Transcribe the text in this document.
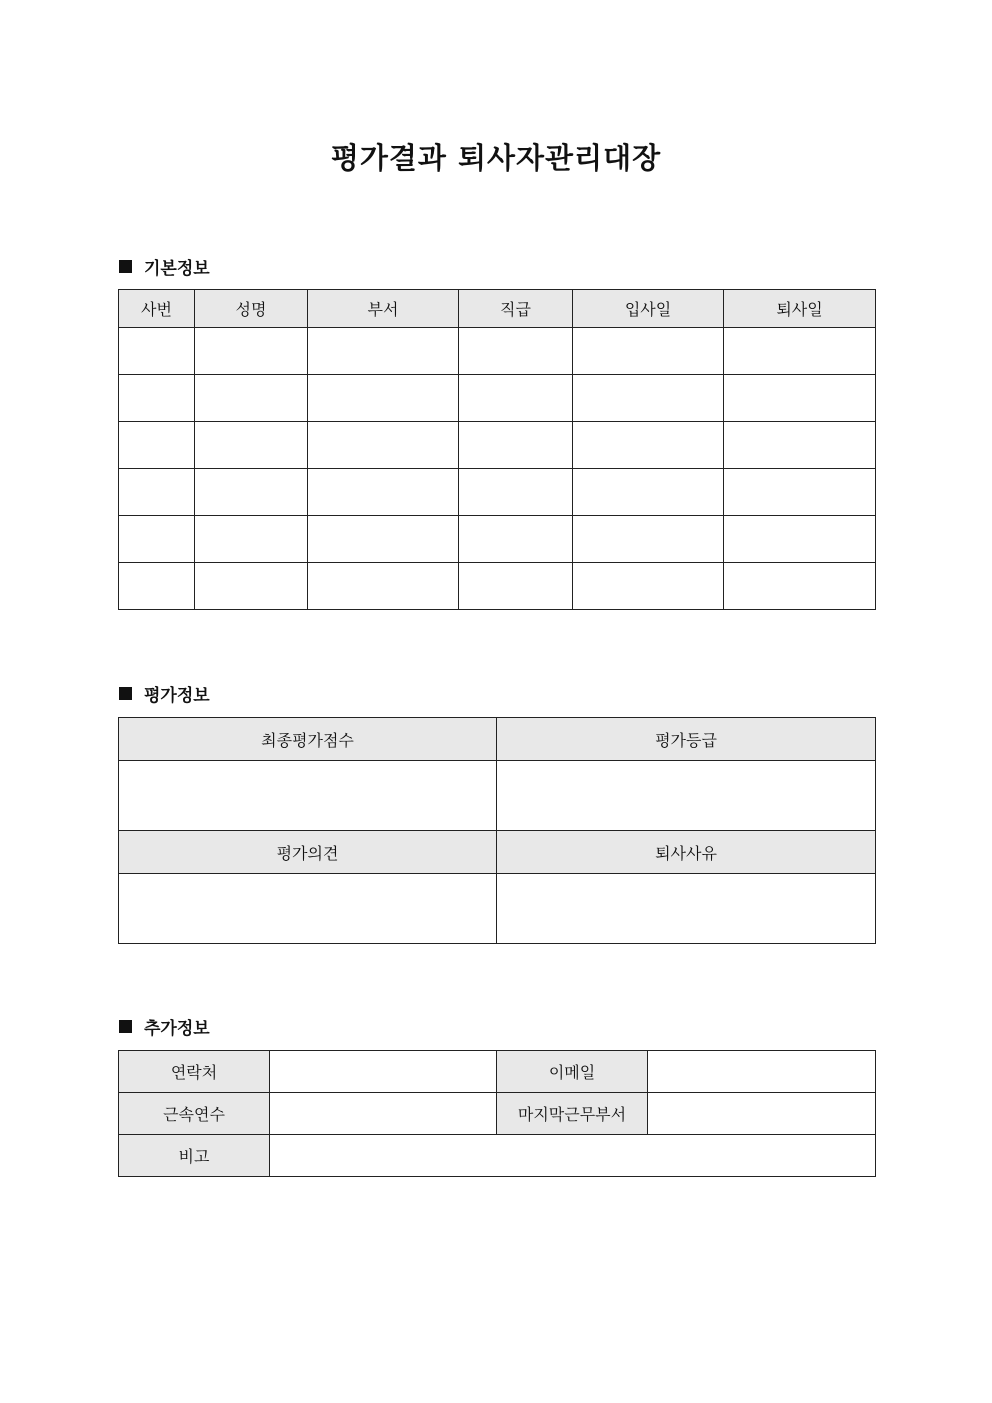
평가결과 퇴사자관리대장
기본정보
사번	성명	부서	직급	입사일	퇴사일

평가정보
최종평가점수	평가등급

평가의견	퇴사사유

추가정보
연락처		이메일	
근속연수		마지막근무부서	
비고			
